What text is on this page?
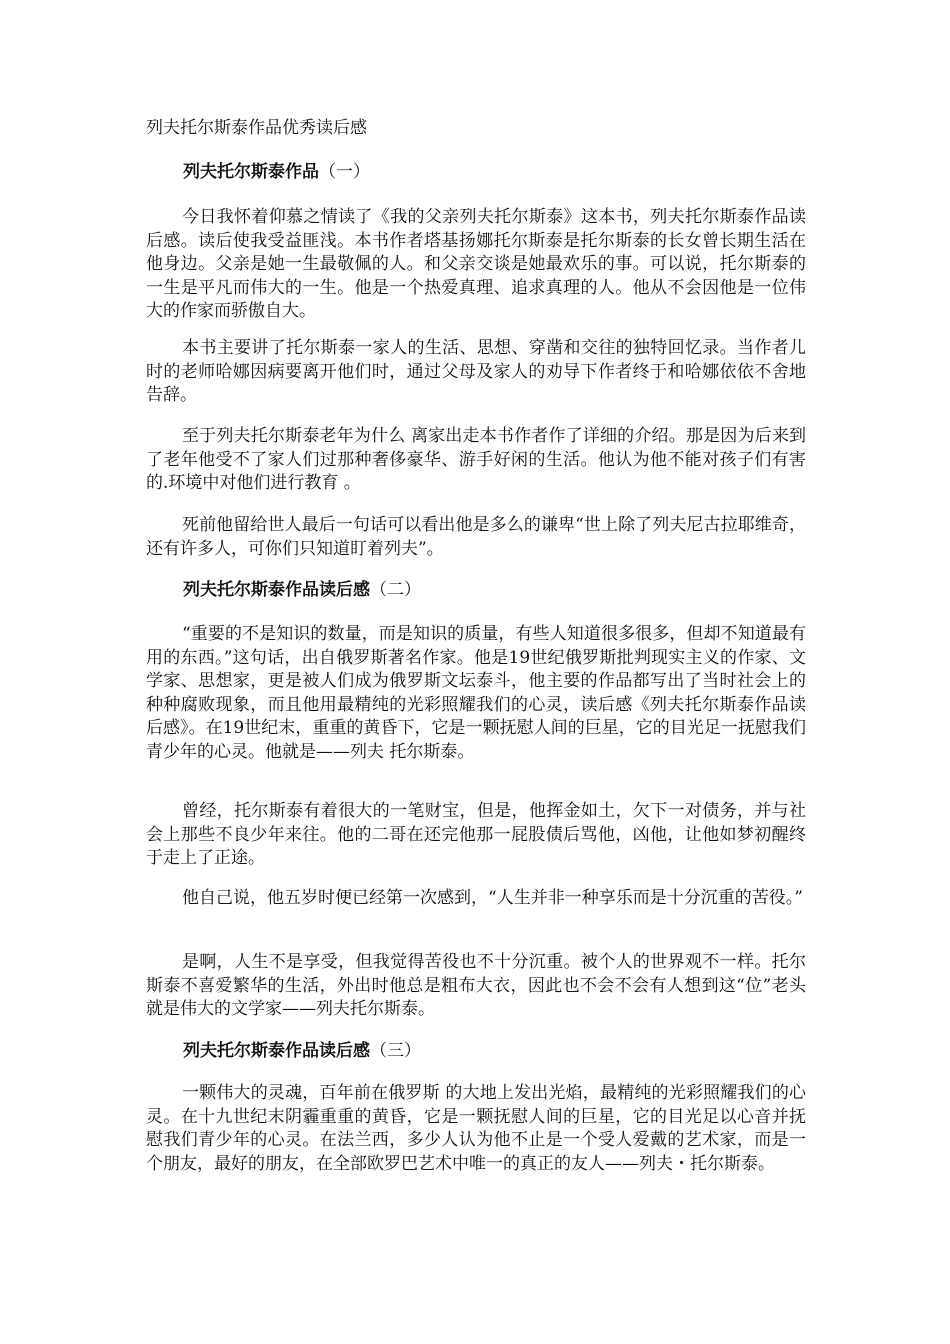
列夫托尔斯泰作品优秀读后感

列夫托尔斯泰作品（一）

今日我怀着仰慕之情读了《我的父亲列夫托尔斯泰》这本书，列夫托尔斯泰作品读后感。读后使我受益匪浅。本书作者塔基扬娜托尔斯泰是托尔斯泰的长女曾长期生活在他身边。父亲是她一生最敬佩的人。和父亲交谈是她最欢乐的事。可以说，托尔斯泰的一生是平凡而伟大的一生。他是一个热爱真理、追求真理的人。他从不会因他是一位伟大的作家而骄傲自大。

本书主要讲了托尔斯泰一家人的生活、思想、穿凿和交往的独特回忆录。当作者儿时的老师哈娜因病要离开他们时，通过父母及家人的劝导下作者终于和哈娜依依不舍地告辞。

至于列夫托尔斯泰老年为什么 离家出走本书作者作了详细的介绍。那是因为后来到了老年他受不了家人们过那种奢侈豪华、游手好闲的生活。他认为他不能对孩子们有害的.环境中对他们进行教育 。

死前他留给世人最后一句话可以看出他是多么的谦卑“世上除了列夫尼古拉耶维奇，还有许多人，可你们只知道盯着列夫”。

列夫托尔斯泰作品读后感（二）

“重要的不是知识的数量，而是知识的质量，有些人知道很多很多，但却不知道最有用的东西。”这句话，出自俄罗斯著名作家。他是19世纪俄罗斯批判现实主义的作家、文学家、思想家，更是被人们成为俄罗斯文坛泰斗，他主要的作品都写出了当时社会上的种种腐败现象，而且他用最精纯的光彩照耀我们的心灵，读后感《列夫托尔斯泰作品读后感》。在19世纪末，重重的黄昏下，它是一颗抚慰人间的巨星，它的目光足一抚慰我们青少年的心灵。他就是——列夫 托尔斯泰。

曾经，托尔斯泰有着很大的一笔财宝，但是，他挥金如土，欠下一对债务，并与社会上那些不良少年来往。他的二哥在还完他那一屁股债后骂他，凶他，让他如梦初醒终于走上了正途。

他自己说，他五岁时便已经第一次感到，“人生并非一种享乐而是十分沉重的苦役。”

是啊，人生不是享受，但我觉得苦役也不十分沉重。被个人的世界观不一样。托尔斯泰不喜爱繁华的生活，外出时他总是粗布大衣，因此也不会不会有人想到这“位”老头就是伟大的文学家——列夫托尔斯泰。

列夫托尔斯泰作品读后感（三）

一颗伟大的灵魂，百年前在俄罗斯 的大地上发出光焰，最精纯的光彩照耀我们的心灵。在十九世纪末阴霾重重的黄昏，它是一颗抚慰人间的巨星，它的目光足以心音并抚慰我们青少年的心灵。在法兰西，多少人认为他不止是一个受人爱戴的艺术家，而是一个朋友，最好的朋友，在全部欧罗巴艺术中唯一的真正的友人——列夫・托尔斯泰。
